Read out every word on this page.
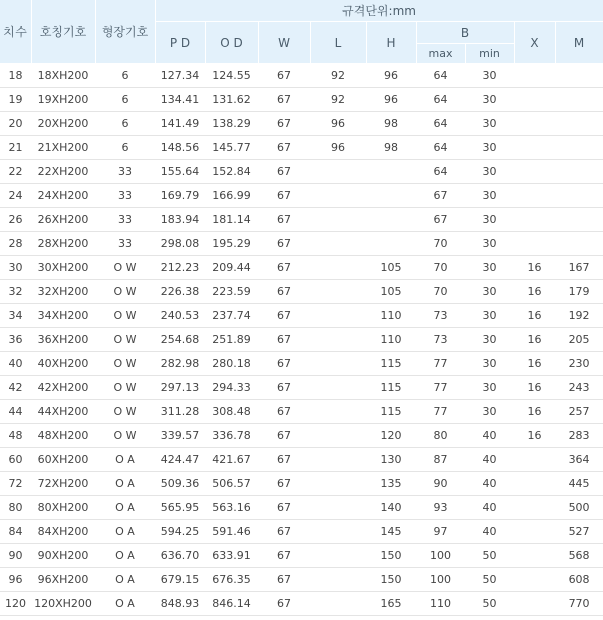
치수	호칭기호	형장기호	규격단위:mm								
			P D	O D	W	L	H	B		X	M
								max	min		
18	18XH200	6	127.34	124.55	67	92	96	64	30		
19	19XH200	6	134.41	131.62	67	92	96	64	30		
20	20XH200	6	141.49	138.29	67	96	98	64	30		
21	21XH200	6	148.56	145.77	67	96	98	64	30		
22	22XH200	33	155.64	152.84	67			64	30		
24	24XH200	33	169.79	166.99	67			67	30		
26	26XH200	33	183.94	181.14	67			67	30		
28	28XH200	33	298.08	195.29	67			70	30		
30	30XH200	O W	212.23	209.44	67		105	70	30	16	167
32	32XH200	O W	226.38	223.59	67		105	70	30	16	179
34	34XH200	O W	240.53	237.74	67		110	73	30	16	192
36	36XH200	O W	254.68	251.89	67		110	73	30	16	205
40	40XH200	O W	282.98	280.18	67		115	77	30	16	230
42	42XH200	O W	297.13	294.33	67		115	77	30	16	243
44	44XH200	O W	311.28	308.48	67		115	77	30	16	257
48	48XH200	O W	339.57	336.78	67		120	80	40	16	283
60	60XH200	O A	424.47	421.67	67		130	87	40		364
72	72XH200	O A	509.36	506.57	67		135	90	40		445
80	80XH200	O A	565.95	563.16	67		140	93	40		500
84	84XH200	O A	594.25	591.46	67		145	97	40		527
90	90XH200	O A	636.70	633.91	67		150	100	50		568
96	96XH200	O A	679.15	676.35	67		150	100	50		608
120	120XH200	O A	848.93	846.14	67		165	110	50		770
